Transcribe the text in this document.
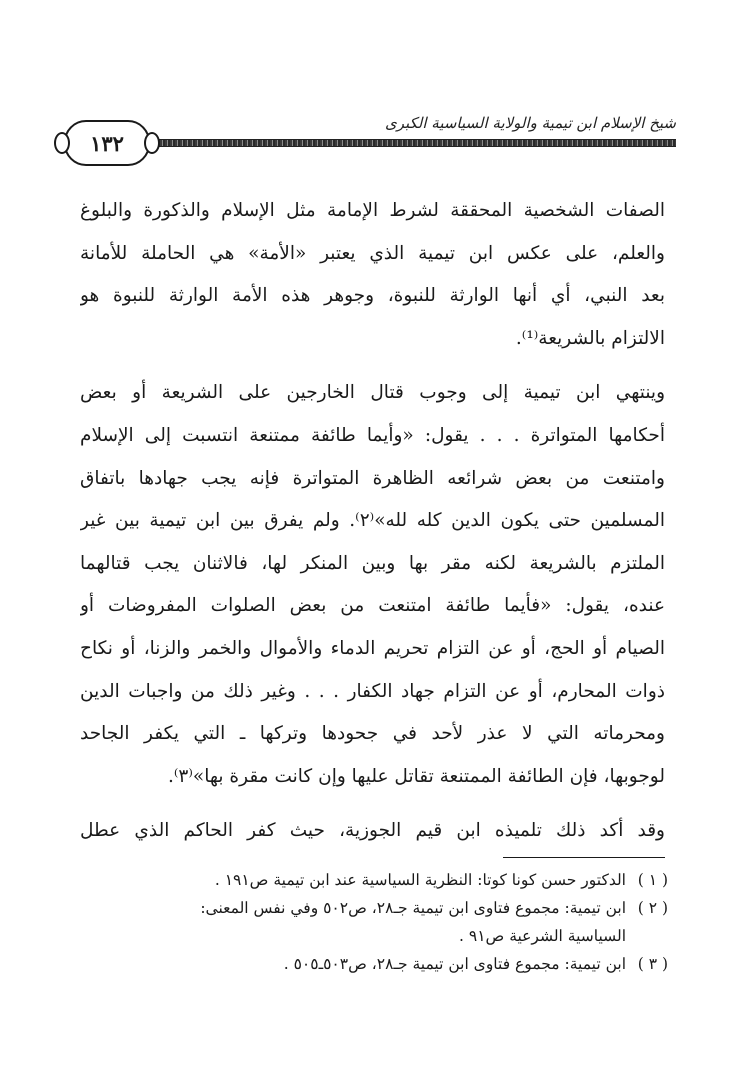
شيخ الإسلام ابن تيمية والولاية السياسية الكبرى
١٣٢
الصفات الشخصية المحققة لشرط الإمامة مثل الإسلام والذكورة والبلوغ
والعلم، على عكس ابن تيمية الذي يعتبر «الأمة» هي الحاملة للأمانة
بعد النبي، أي أنها الوارثة للنبوة، وجوهر هذه الأمة الوارثة للنبوة هو
الالتزام بالشريعة⁽¹⁾.
وينتهي ابن تيمية إلى وجوب قتال الخارجين على الشريعة أو بعض
أحكامها المتواترة . . . يقول: «وأيما طائفة ممتنعة انتسبت إلى الإسلام
وامتنعت من بعض شرائعه الظاهرة المتواترة فإنه يجب جهادها باتفاق
المسلمين حتى يكون الدين كله لله»⁽٢⁾. ولم يفرق بين ابن تيمية بين غير
الملتزم بالشريعة لكنه مقر بها وبين المنكر لها، فالاثنان يجب قتالهما
عنده، يقول: «فأيما طائفة امتنعت من بعض الصلوات المفروضات أو
الصيام أو الحج، أو عن التزام تحريم الدماء والأموال والخمر والزنا، أو نكاح
ذوات المحارم، أو عن التزام جهاد الكفار . . . وغير ذلك من واجبات الدين
ومحرماته التي لا عذر لأحد في جحودها وتركها ـ التي يكفر الجاحد
لوجوبها، فإن الطائفة الممتنعة تقاتل عليها وإن كانت مقرة بها»⁽٣⁾.
وقد أكد ذلك تلميذه ابن قيم الجوزية، حيث كفر الحاكم الذي عطل
( ١ )
الدكتور حسن كونا كوتا: النظرية السياسية عند ابن تيمية ص١٩١ .
( ٢ )
ابن تيمية: مجموع فتاوى ابن تيمية جـ٢٨، ص٥٠٢ وفي نفس المعنى:
السياسية الشرعية ص٩١ .
( ٣ )
ابن تيمية: مجموع فتاوى ابن تيمية جـ٢٨، ص٥٠٣ـ٥٠٥ .
